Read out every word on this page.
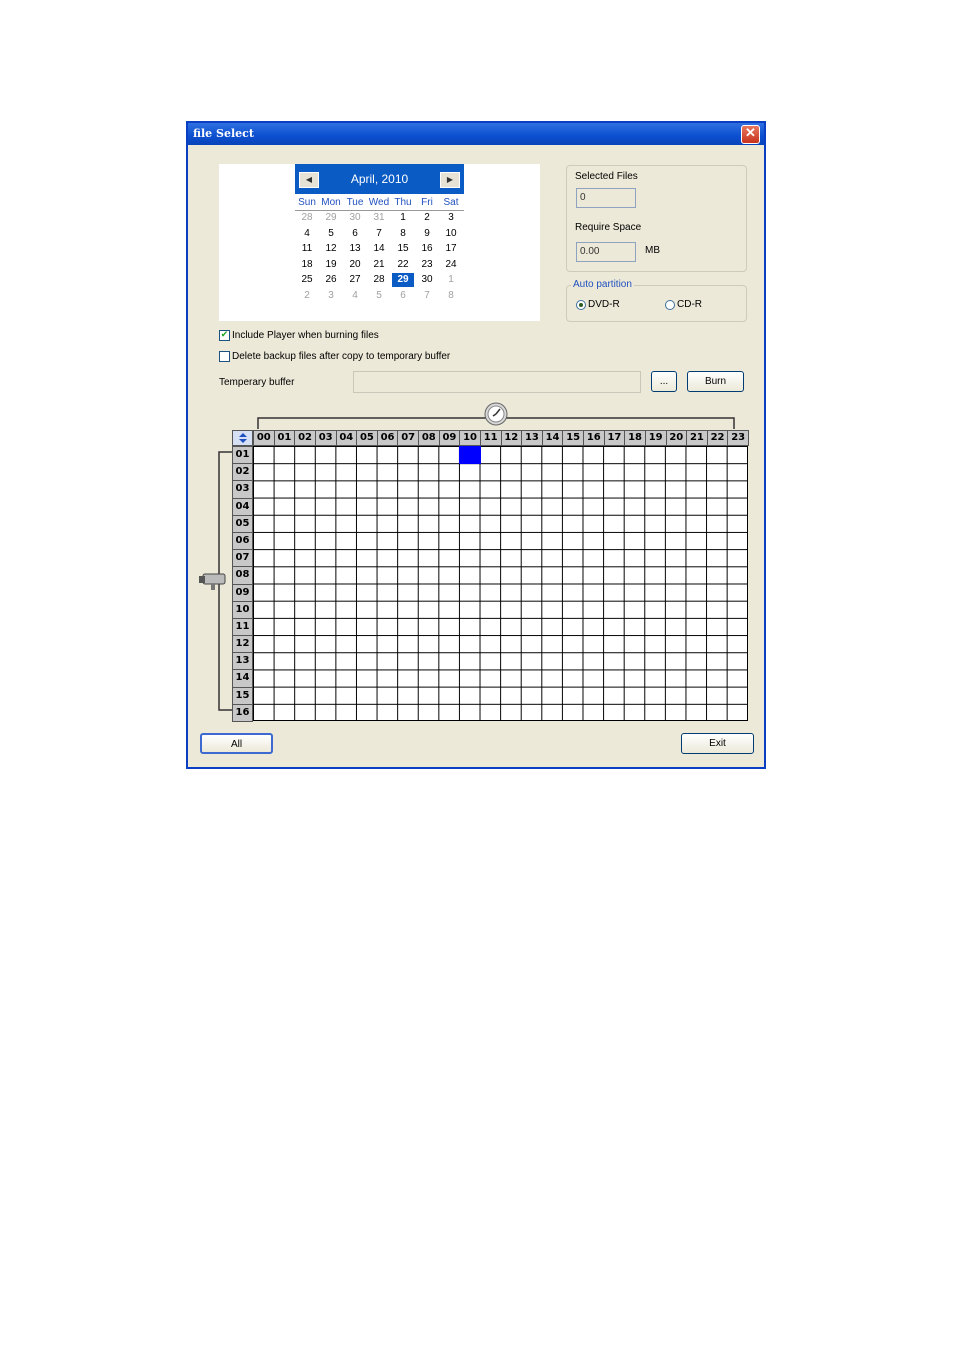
file Select	✕
◀	April, 2010	▶
Sun Mon Tue Wed Thu Fri	Sat
28	29	30	31	1	2	3
4	5	6	7	8	9	10
11	12	13	14	15	16	17
18	19	20	21	22	23	24
25	26	27	28	29	30	1
2	3	4	5	6	7	8
Selected Files
0
Require Space
0.00	MB
Auto partition
DVD-R	CD-R
✔ Include Player when burning files
Delete backup files after copy to temporary buffer
Temperary buffer	...	Burn
00 01 02 03 04 05 06 07 08 09 10 11 12 13 14 15 16 17 18 19 20 21 22 23
01
02
03
04
05
06
07
08
09
10
11
12
13
14
15
16
All	Exit
